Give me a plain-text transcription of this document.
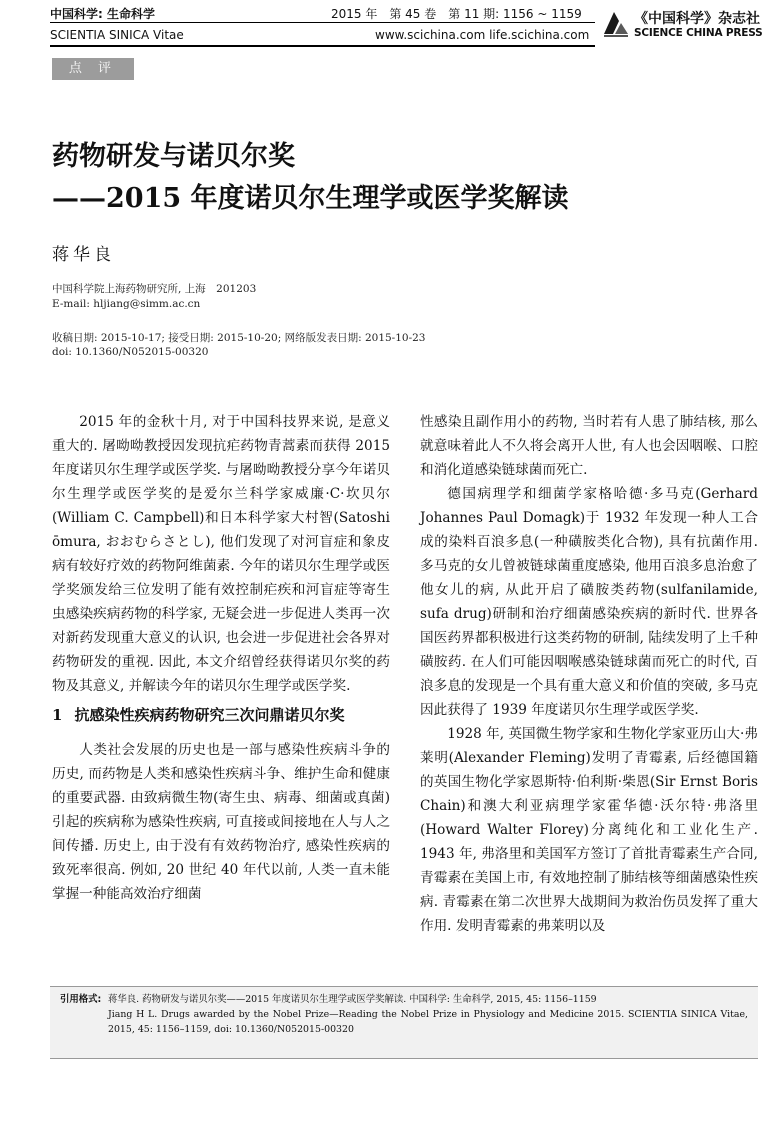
中国科学: 生命科学	2015 年　第 45 卷　第 11 期: 1156 ~ 1159
SCIENTIA SINICA Vitae	www.scichina.com life.scichina.com
《中国科学》杂志社
SCIENCE CHINA PRESS
点 评
药物研发与诺贝尔奖
——2015 年度诺贝尔生理学或医学奖解读
蒋华良
中国科学院上海药物研究所, 上海　201203
E-mail: hljiang@simm.ac.cn
收稿日期: 2015-10-17; 接受日期: 2015-10-20; 网络版发表日期: 2015-10-23
doi: 10.1360/N052015-00320

2015 年的金秋十月, 对于中国科技界来说, 是意义重大的. 屠呦呦教授因发现抗疟药物青蒿素而获得 2015 年度诺贝尔生理学或医学奖. 与屠呦呦教授分享今年诺贝尔生理学或医学奖的是爱尔兰科学家威廉·C·坎贝尔(William C. Campbell)和日本科学家大村智(Satoshi ōmura, おおむらさとし), 他们发现了对河盲症和象皮病有较好疗效的药物阿维菌素. 今年的诺贝尔生理学或医学奖颁发给三位发明了能有效控制疟疾和河盲症等寄生虫感染疾病药物的科学家, 无疑会进一步促进人类再一次对新药发现重大意义的认识, 也会进一步促进社会各界对药物研发的重视. 因此, 本文介绍曾经获得诺贝尔奖的药物及其意义, 并解读今年的诺贝尔生理学或医学奖.

1 抗感染性疾病药物研究三次问鼎诺贝尔奖

人类社会发展的历史也是一部与感染性疾病斗争的历史, 而药物是人类和感染性疾病斗争、维护生命和健康的重要武器. 由致病微生物(寄生虫、病毒、细菌或真菌)引起的疾病称为感染性疾病, 可直接或间接地在人与人之间传播. 历史上, 由于没有有效药物治疗, 感染性疾病的致死率很高. 例如, 20 世纪 40 年代以前, 人类一直未能掌握一种能高效治疗细菌

性感染且副作用小的药物, 当时若有人患了肺结核, 那么就意味着此人不久将会离开人世, 有人也会因咽喉、口腔和消化道感染链球菌而死亡.

德国病理学和细菌学家格哈德·多马克(Gerhard Johannes Paul Domagk)于 1932 年发现一种人工合成的染料百浪多息(一种磺胺类化合物), 具有抗菌作用. 多马克的女儿曾被链球菌重度感染, 他用百浪多息治愈了他女儿的病, 从此开启了磺胺类药物(sulfanilamide, sufa drug)研制和治疗细菌感染疾病的新时代. 世界各国医药界都积极进行这类药物的研制, 陆续发明了上千种磺胺药. 在人们可能因咽喉感染链球菌而死亡的时代, 百浪多息的发现是一个具有重大意义和价值的突破, 多马克因此获得了 1939 年度诺贝尔生理学或医学奖.

1928 年, 英国微生物学家和生物化学家亚历山大·弗莱明(Alexander Fleming)发明了青霉素, 后经德国籍的英国生物化学家恩斯特·伯利斯·柴恩(Sir Ernst Boris Chain)和澳大利亚病理学家霍华德·沃尔特·弗洛里(Howard Walter Florey)分离纯化和工业化生产. 1943 年, 弗洛里和美国军方签订了首批青霉素生产合同, 青霉素在美国上市, 有效地控制了肺结核等细菌感染性疾病. 青霉素在第二次世界大战期间为救治伤员发挥了重大作用. 发明青霉素的弗莱明以及

引用格式: 蒋华良. 药物研发与诺贝尔奖——2015 年度诺贝尔生理学或医学奖解读. 中国科学: 生命科学, 2015, 45: 1156–1159
Jiang H L. Drugs awarded by the Nobel Prize—Reading the Nobel Prize in Physiology and Medicine 2015. SCIENTIA SINICA Vitae, 2015, 45: 1156–1159, doi: 10.1360/N052015-00320
